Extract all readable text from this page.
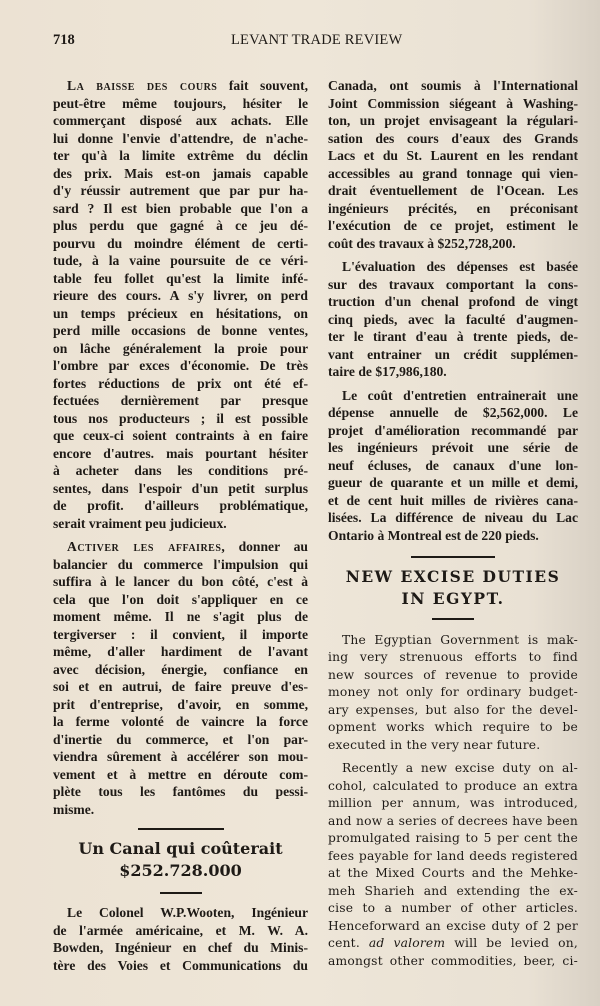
718	LEVANT TRADE REVIEW
La baisse des cours fait souvent,
peut-être même toujours, hésiter le
commerçant disposé aux achats. Elle
lui donne l'envie d'attendre, de n'ache-
ter qu'à la limite extrême du déclin
des prix. Mais est-on jamais capable
d'y réussir autrement que par pur ha-
sard ? Il est bien probable que l'on a
plus perdu que gagné à ce jeu dé-
pourvu du moindre élément de certi-
tude, à la vaine poursuite de ce véri-
table feu follet qu'est la limite infé-
rieure des cours. A s'y livrer, on perd
un temps précieux en hésitations, on
perd mille occasions de bonne ventes,
on lâche généralement la proie pour
l'ombre par exces d'économie. De très
fortes réductions de prix ont été ef-
fectuées dernièrement par presque
tous nos producteurs ; il est possible
que ceux-ci soient contraints à en faire
encore d'autres. mais pourtant hésiter
à acheter dans les conditions pré-
sentes, dans l'espoir d'un petit surplus
de profit. d'ailleurs problématique,
serait vraiment peu judicieux.
Activer les affaires, donner au
balancier du commerce l'impulsion qui
suffira à le lancer du bon côté, c'est à
cela que l'on doit s'appliquer en ce
moment même. Il ne s'agit plus de
tergiverser : il convient, il importe
même, d'aller hardiment de l'avant
avec décision, énergie, confiance en
soi et en autrui, de faire preuve d'es-
prit d'entreprise, d'avoir, en somme,
la ferme volonté de vaincre la force
d'inertie du commerce, et l'on par-
viendra sûrement à accélérer son mou-
vement et à mettre en déroute com-
plète tous les fantômes du pessi-
misme.
Un Canal qui coûterait
$252.728.000
Le Colonel W.P.Wooten, Ingénieur
de l'armée américaine, et M. W. A.
Bowden, Ingénieur en chef du Minis-
tère des Voies et Communications du
Canada, ont soumis à l'International
Joint Commission siégeant à Washing-
ton, un projet envisageant la régulari-
sation des cours d'eaux des Grands
Lacs et du St. Laurent en les rendant
accessibles au grand tonnage qui vien-
drait éventuellement de l'Ocean. Les
ingénieurs précités, en préconisant
l'exécution de ce projet, estiment le
coût des travaux à $252,728,200.
L'évaluation des dépenses est basée
sur des travaux comportant la cons-
truction d'un chenal profond de vingt
cinq pieds, avec la faculté d'augmen-
ter le tirant d'eau à trente pieds, de-
vant entrainer un crédit supplémen-
taire de $17,986,180.
Le coût d'entretien entrainerait une
dépense annuelle de $2,562,000. Le
projet d'amélioration recommandé par
les ingénieurs prévoit une série de
neuf écluses, de canaux d'une lon-
gueur de quarante et un mille et demi,
et de cent huit milles de rivières cana-
lisées. La différence de niveau du Lac
Ontario à Montreal est de 220 pieds.
NEW EXCISE DUTIES
IN EGYPT.
The Egyptian Government is mak-
ing very strenuous efforts to find
new sources of revenue to provide
money not only for ordinary budget-
ary expenses, but also for the devel-
opment works which require to be
executed in the very near future.
Recently a new excise duty on al-
cohol, calculated to produce an extra
million per annum, was introduced,
and now a series of decrees have been
promulgated raising to 5 per cent the
fees payable for land deeds registered
at the Mixed Courts and the Mehke-
meh Sharieh and extending the ex-
cise to a number of other articles.
Henceforward an excise duty of 2 per
cent. ad valorem will be levied on,
amongst other commodities, beer, ci-
